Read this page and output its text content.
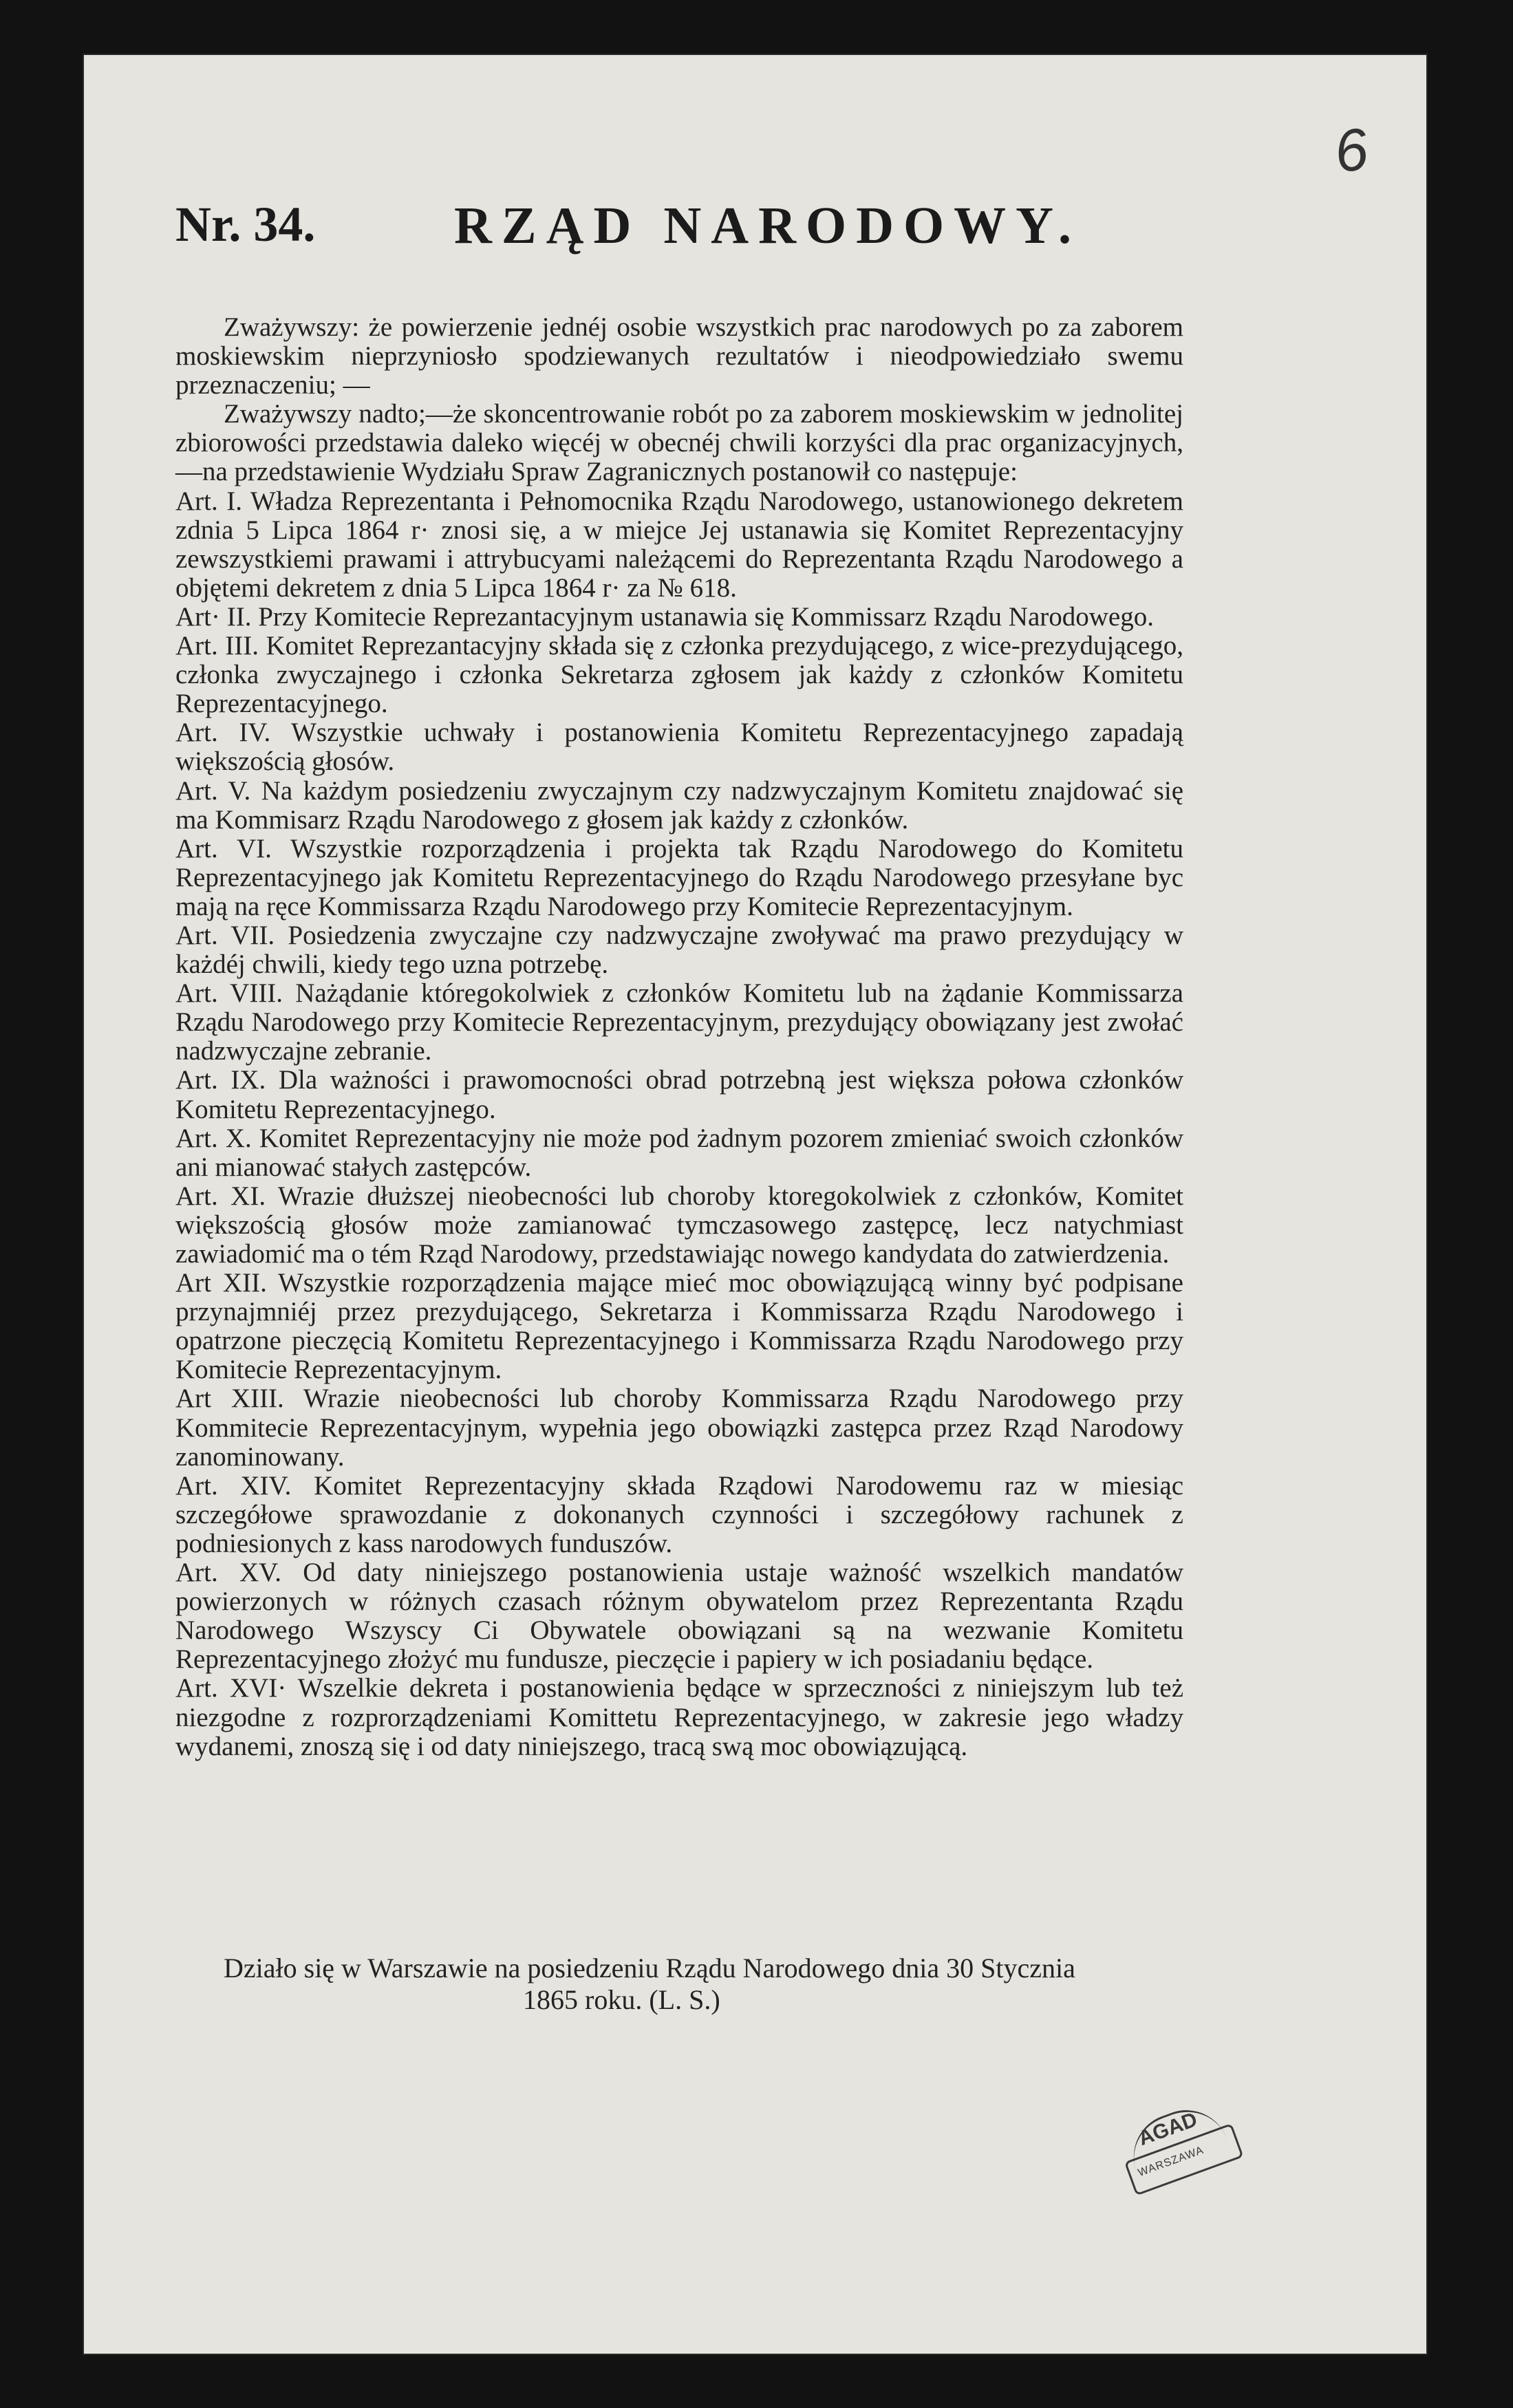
6
Nr. 34.	RZĄD NARODOWY.

Zważywszy: że powierzenie jednéj osobie wszystkich prac narodowych po za zaborem moskiewskim nieprzyniosło spodziewanych rezultatów i nieodpowiedziało swemu przeznaczeniu; —

Zważywszy nadto;—że skoncentrowanie robót po za zaborem moskiewskim w jednolitej zbiorowości przedstawia daleko więcéj w obecnéj chwili korzyści dla prac organizacyjnych,—na przedstawienie Wydziału Spraw Zagranicznych postanowił co następuje:

Art. I. Władza Reprezentanta i Pełnomocnika Rządu Narodowego, ustanowionego dekretem zdnia 5 Lipca 1864 r· znosi się, a w miejce Jej ustanawia się Komitet Reprezentacyjny zewszystkiemi prawami i attrybucyami należącemi do Reprezentanta Rządu Narodowego a objętemi dekretem z dnia 5 Lipca 1864 r· za № 618.

Art· II. Przy Komitecie Reprezantacyjnym ustanawia się Kommissarz Rządu Narodowego.

Art. III. Komitet Reprezantacyjny składa się z członka prezydującego, z wice-prezydującego, członka zwyczajnego i członka Sekretarza zgłosem jak każdy z członków Komitetu Reprezentacyjnego.

Art. IV. Wszystkie uchwały i postanowienia Komitetu Reprezentacyjnego zapadają większością głosów.

Art. V. Na każdym posiedzeniu zwyczajnym czy nadzwyczajnym Komitetu znajdować się ma Kommisarz Rządu Narodowego z głosem jak każdy z członków.

Art. VI. Wszystkie rozporządzenia i projekta tak Rządu Narodowego do Komitetu Reprezentacyjnego jak Komitetu Reprezentacyjnego do Rządu Narodowego przesyłane byc mają na ręce Kommissarza Rządu Narodowego przy Komitecie Reprezentacyjnym.

Art. VII. Posiedzenia zwyczajne czy nadzwyczajne zwoływać ma prawo prezydujący w każdéj chwili, kiedy tego uzna potrzebę.

Art. VIII. Nażądanie któregokolwiek z członków Komitetu lub na żądanie Kommissarza Rządu Narodowego przy Komitecie Reprezentacyjnym, prezydujący obowiązany jest zwołać nadzwyczajne zebranie.

Art. IX. Dla ważności i prawomocności obrad potrzebną jest większa połowa członków Komitetu Reprezentacyjnego.

Art. X. Komitet Reprezentacyjny nie może pod żadnym pozorem zmieniać swoich członków ani mianować stałych zastępców.

Art. XI. Wrazie dłuższej nieobecności lub choroby ktoregokolwiek z członków, Komitet większością głosów może zamianować tymczasowego zastępcę, lecz natychmiast zawiadomić ma o tém Rząd Narodowy, przedstawiając nowego kandydata do zatwierdzenia.

Art XII. Wszystkie rozporządzenia mające mieć moc obowiązującą winny być podpisane przynajmniéj przez prezydującego, Sekretarza i Kommissarza Rządu Narodowego i opatrzone pieczęcią Komitetu Reprezentacyjnego i Kommissarza Rządu Narodowego przy Komitecie Reprezentacyjnym.

Art XIII. Wrazie nieobecności lub choroby Kommissarza Rządu Narodowego przy Kommitecie Reprezentacyjnym, wypełnia jego obowiązki zastępca przez Rząd Narodowy zanominowany.

Art. XIV. Komitet Reprezentacyjny składa Rządowi Narodowemu raz w miesiąc szczegółowe sprawozdanie z dokonanych czynności i szczegółowy rachunek z podniesionych z kass narodowych funduszów.

Art. XV. Od daty niniejszego postanowienia ustaje ważność wszelkich mandatów powierzonych w różnych czasach różnym obywatelom przez Reprezentanta Rządu Narodowego Wszyscy Ci Obywatele obowiązani są na wezwanie Komitetu Reprezentacyjnego złożyć mu fundusze, pieczęcie i papiery w ich posiadaniu będące.

Art. XVI· Wszelkie dekreta i postanowienia będące w sprzeczności z niniejszym lub też niezgodne z rozprorządzeniami Komittetu Reprezentacyjnego, w zakresie jego władzy wydanemi, znoszą się i od daty niniejszego, tracą swą moc obowiązującą.

Działo się w Warszawie na posiedzeniu Rządu Narodowego dnia 30 Stycznia
1865 roku. (L. S.)
AGAD
WARSZAWA
